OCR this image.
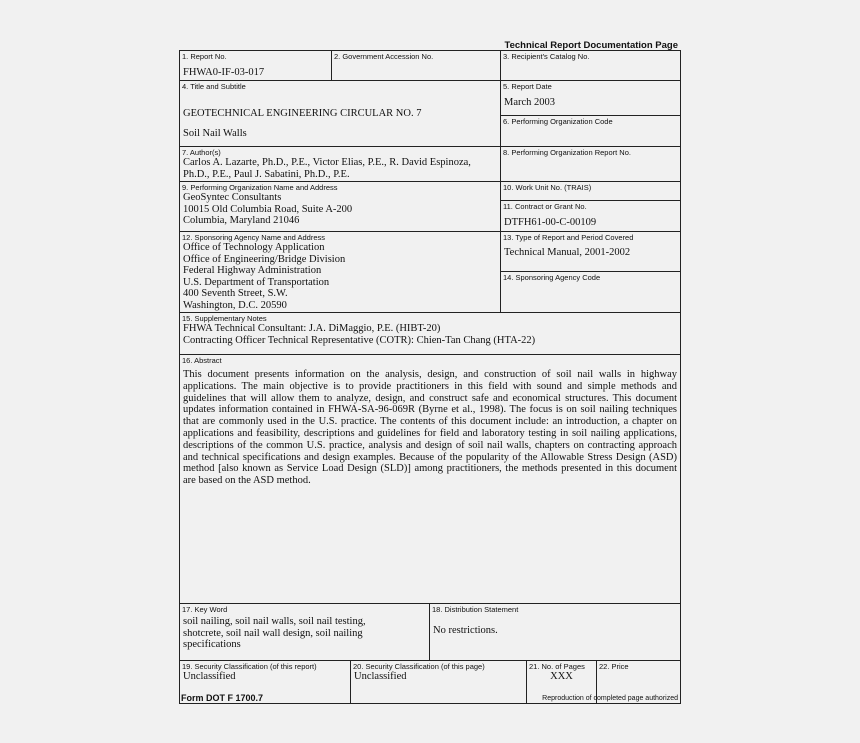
Technical Report Documentation Page
1. Report No.
FHWA0-IF-03-017
2. Government Accession No.	3. Recipient's Catalog No.
4. Title and Subtitle
GEOTECHNICAL ENGINEERING CIRCULAR NO. 7
Soil Nail Walls
5. Report Date
March 2003
6. Performing Organization Code
7. Author(s)
Carlos A. Lazarte, Ph.D., P.E., Victor Elias, P.E., R. David Espinoza,
Ph.D., P.E., Paul J. Sabatini, Ph.D., P.E.
8. Performing Organization Report No.
9. Performing Organization Name and Address
GeoSyntec Consultants
10015 Old Columbia Road, Suite A-200
Columbia, Maryland 21046
10. Work Unit No. (TRAIS)
11. Contract or Grant No.
DTFH61-00-C-00109
12. Sponsoring Agency Name and Address
Office of Technology Application
Office of Engineering/Bridge Division
Federal Highway Administration
U.S. Department of Transportation
400 Seventh Street, S.W.
Washington, D.C. 20590
13. Type of Report and Period Covered
Technical Manual, 2001-2002
14. Sponsoring Agency Code
15. Supplementary Notes
FHWA Technical Consultant: J.A. DiMaggio, P.E. (HIBT-20)
Contracting Officer Technical Representative (COTR): Chien-Tan Chang (HTA-22)
16. Abstract
This document presents information on the analysis, design, and construction of soil nail walls in highway applications. The main objective is to provide practitioners in this field with sound and simple methods and guidelines that will allow them to analyze, design, and construct safe and economical structures. This document updates information contained in FHWA-SA-96-069R (Byrne et al., 1998). The focus is on soil nailing techniques that are commonly used in the U.S. practice. The contents of this document include: an introduction, a chapter on applications and feasibility, descriptions and guidelines for field and laboratory testing in soil nailing applications, descriptions of the common U.S. practice, analysis and design of soil nail walls, chapters on contracting approach and technical specifications and design examples. Because of the popularity of the Allowable Stress Design (ASD) method [also known as Service Load Design (SLD)] among practitioners, the methods presented in this document are based on the ASD method.
17. Key Word
soil nailing, soil nail walls, soil nail testing,
shotcrete, soil nail wall design, soil nailing
specifications
18. Distribution Statement
No restrictions.
19. Security Classification (of this report)
Unclassified
20. Security Classification (of this page)
Unclassified
21. No. of Pages
XXX
22. Price
Form DOT F 1700.7	Reproduction of completed page authorized
